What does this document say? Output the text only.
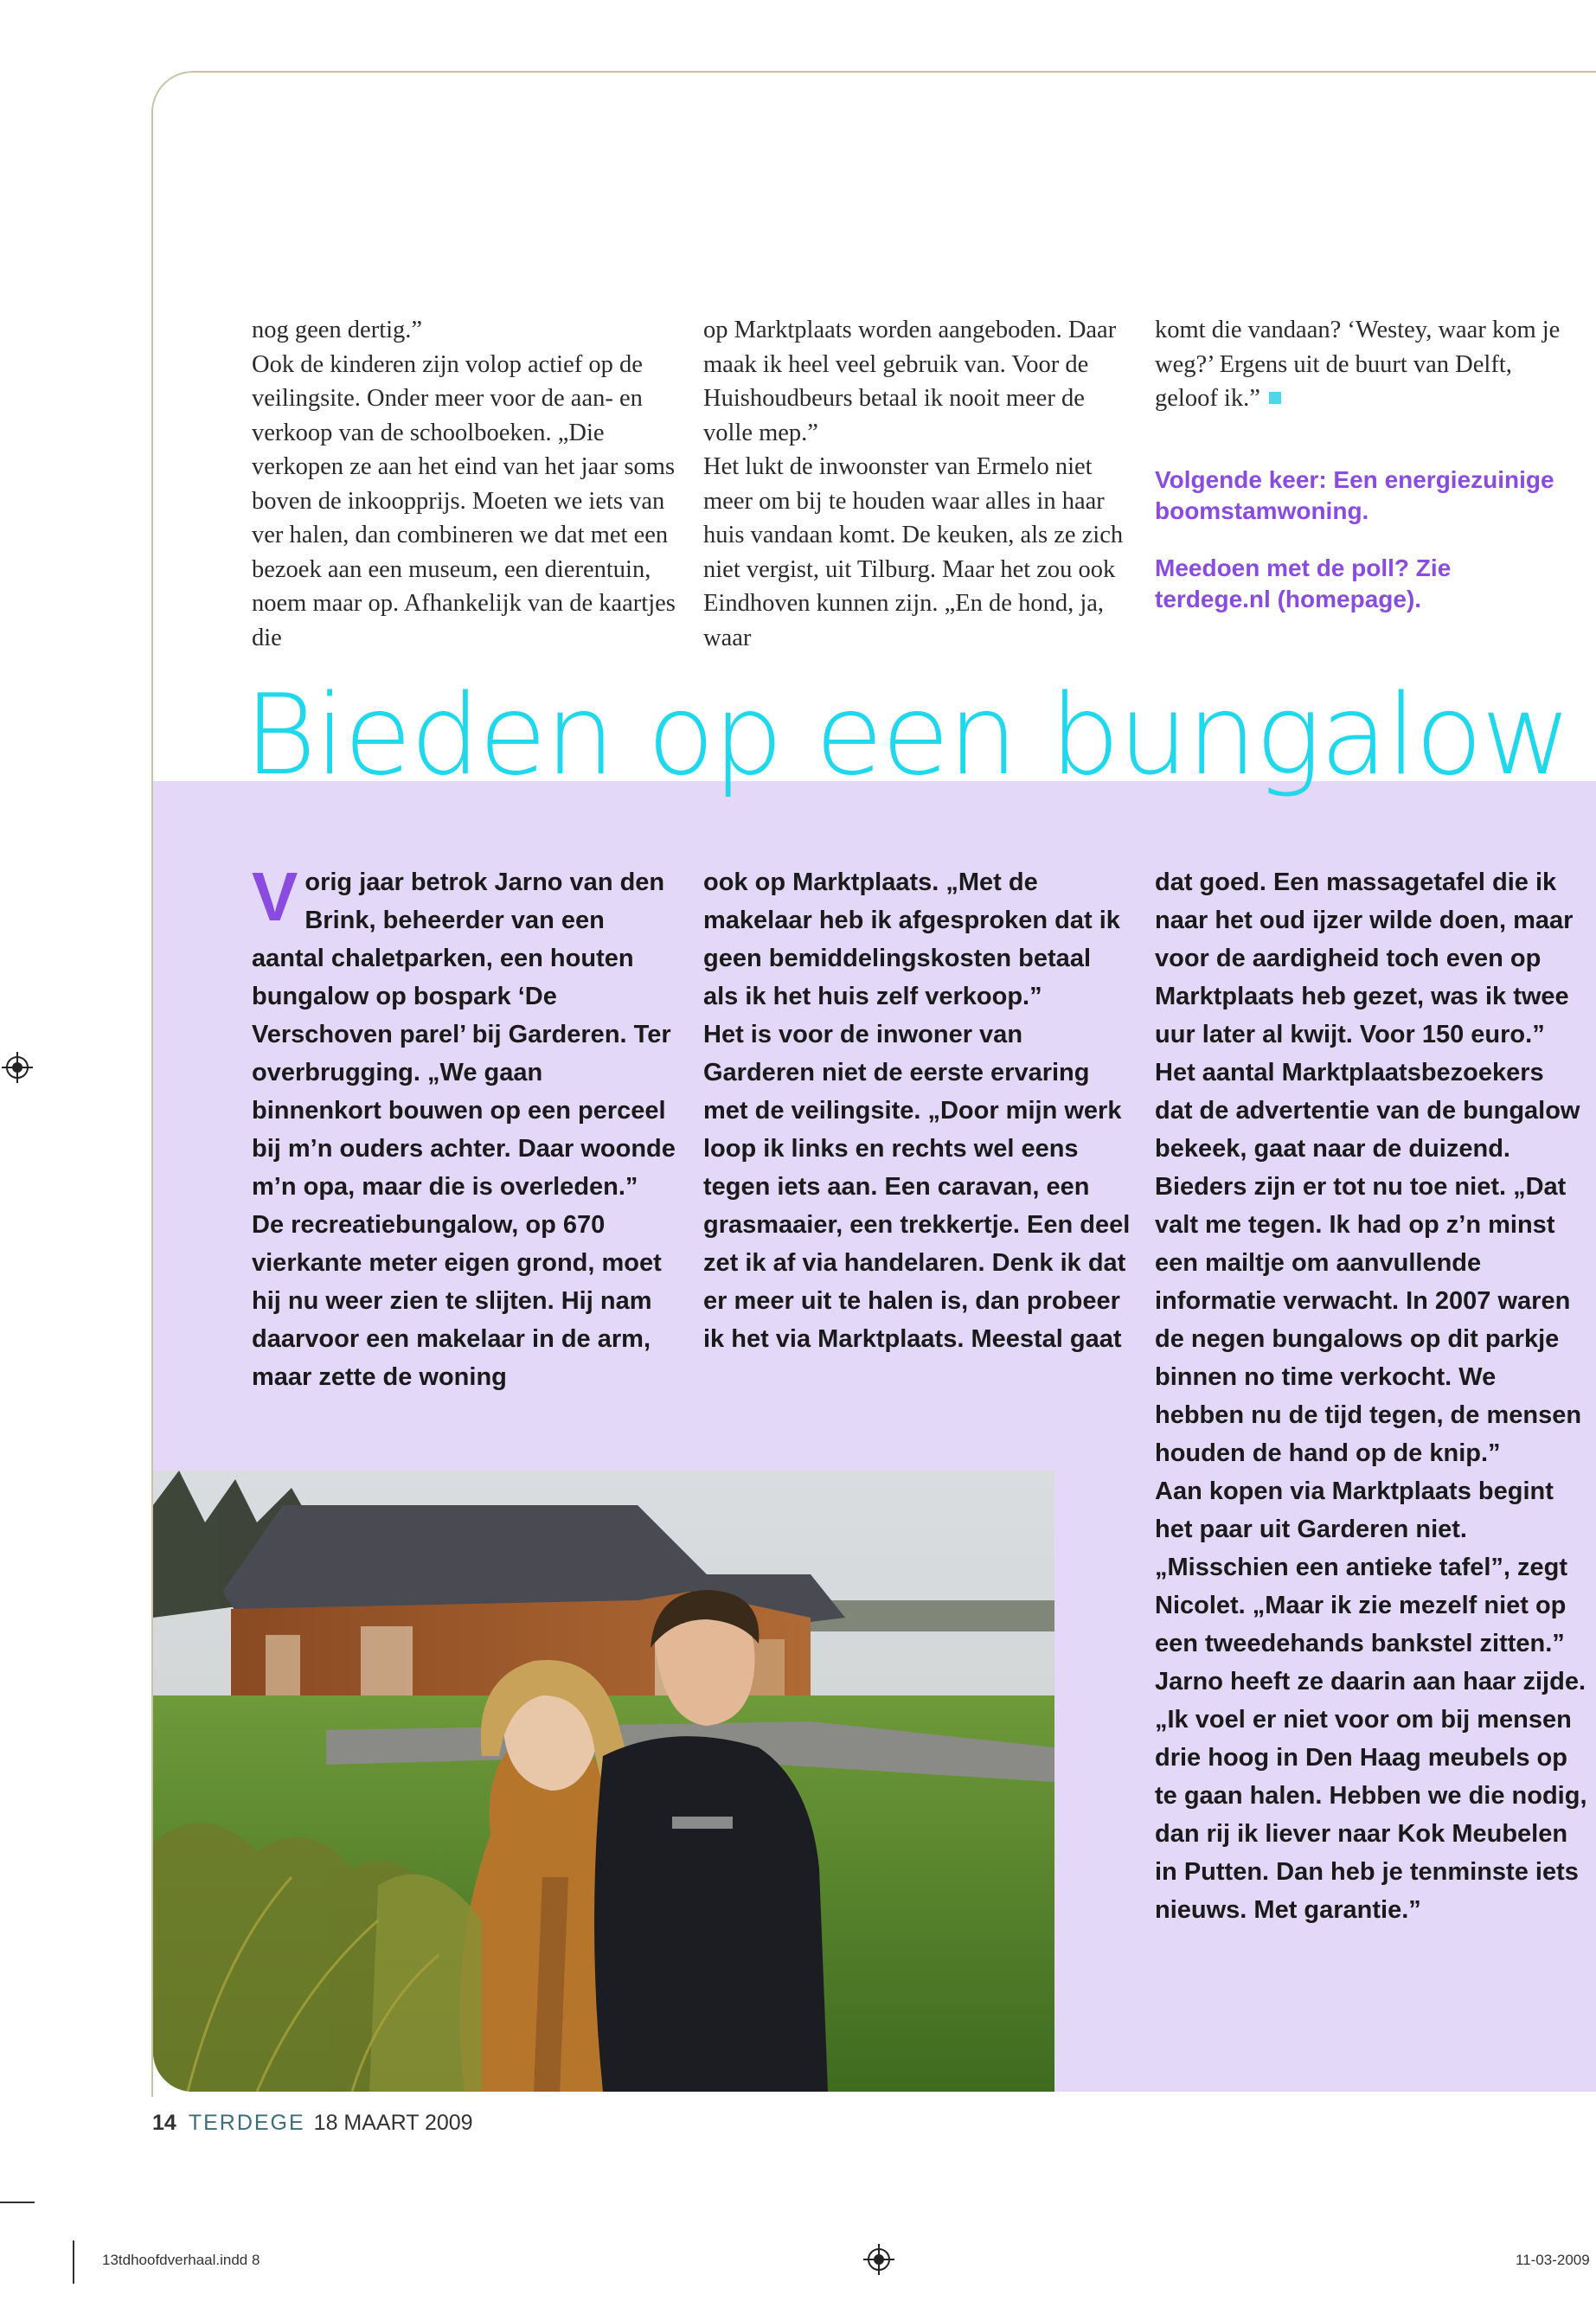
nog geen dertig.”

Ook de kinderen zijn volop actief op de veilingsite. Onder meer voor de aan- en verkoop van de schoolboeken. „Die verkopen ze aan het eind van het jaar soms boven de inkoopprijs. Moeten we iets van ver halen, dan combineren we dat met een bezoek aan een museum, een dierentuin, noem maar op. Afhankelijk van de kaartjes die

op Marktplaats worden aangeboden. Daar maak ik heel veel gebruik van. Voor de Huishoudbeurs betaal ik nooit meer de volle mep.”

Het lukt de inwoonster van Ermelo niet meer om bij te houden waar alles in haar huis vandaan komt. De keuken, als ze zich niet vergist, uit Tilburg. Maar het zou ook Eindhoven kunnen zijn. „En de hond, ja, waar

komt die vandaan? ‘Westey, waar kom je weg?’ Ergens uit de buurt van Delft, geloof ik.”

Volgende keer: Een energiezuinige boomstamwoning.

Meedoen met de poll? Zie terdege.nl (homepage).

Bieden op een bungalow

Vorig jaar betrok Jarno van den Brink, beheerder van een aantal chaletparken, een houten bungalow op bospark ‘De Verschoven parel’ bij Garderen. Ter overbrugging. „We gaan binnenkort bouwen op een perceel bij m’n ouders achter. Daar woonde m’n opa, maar die is overleden.”

De recreatiebungalow, op 670 vierkante meter eigen grond, moet hij nu weer zien te slijten. Hij nam daarvoor een makelaar in de arm, maar zette de woning

ook op Marktplaats. „Met de makelaar heb ik afgesproken dat ik geen bemiddelingskosten betaal als ik het huis zelf verkoop.”

Het is voor de inwoner van Garderen niet de eerste ervaring met de veilingsite. „Door mijn werk loop ik links en rechts wel eens tegen iets aan. Een caravan, een grasmaaier, een trekkertje. Een deel zet ik af via handelaren. Denk ik dat er meer uit te halen is, dan probeer ik het via Marktplaats. Meestal gaat

dat goed. Een massagetafel die ik naar het oud ijzer wilde doen, maar voor de aardigheid toch even op Marktplaats heb gezet, was ik twee uur later al kwijt. Voor 150 euro.”

Het aantal Marktplaatsbezoekers dat de advertentie van de bungalow bekeek, gaat naar de duizend. Bieders zijn er tot nu toe niet. „Dat valt me tegen. Ik had op z’n minst een mailtje om aanvullende informatie verwacht. In 2007 waren de negen bungalows op dit parkje binnen no time verkocht. We hebben nu de tijd tegen, de mensen houden de hand op de knip.”

Aan kopen via Marktplaats begint het paar uit Garderen niet. „Misschien een antieke tafel”, zegt Nicolet. „Maar ik zie mezelf niet op een tweedehands bankstel zitten.” Jarno heeft ze daarin aan haar zijde. „Ik voel er niet voor om bij mensen drie hoog in Den Haag meubels op te gaan halen. Hebben we die nodig, dan rij ik liever naar Kok Meubelen in Putten. Dan heb je tenminste iets nieuws. Met garantie.”

14 TERDEGE 18 MAART 2009
13tdhoofdverhaal.indd 8	11-03-2009
